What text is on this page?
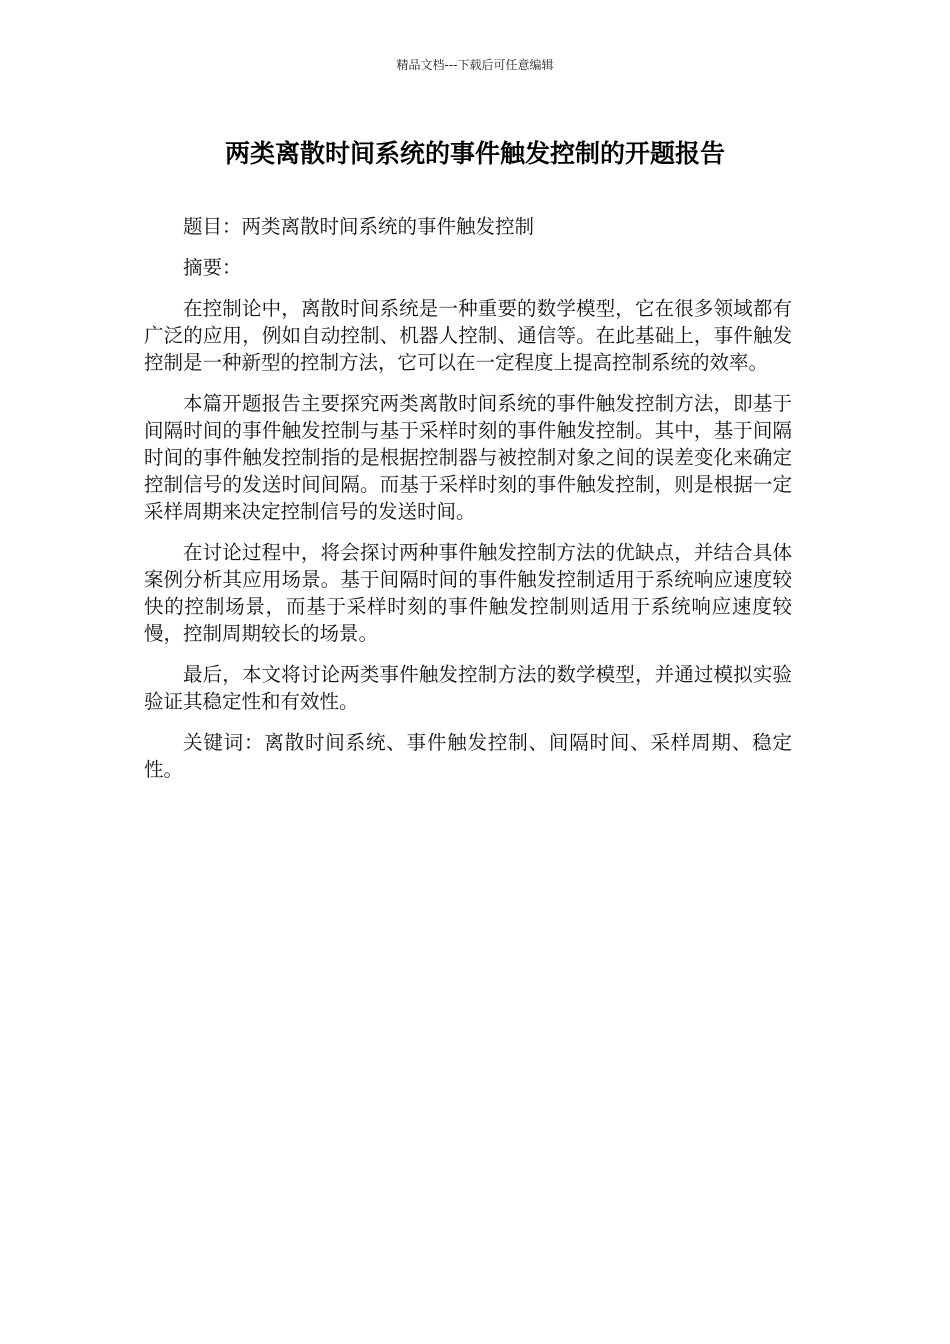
精品文档---下载后可任意编辑
两类离散时间系统的事件触发控制的开题报告

题目：两类离散时间系统的事件触发控制

摘要：

在控制论中，离散时间系统是一种重要的数学模型，它在很多领域都有广泛的应用，例如自动控制、机器人控制、通信等。在此基础上，事件触发控制是一种新型的控制方法，它可以在一定程度上提高控制系统的效率。

本篇开题报告主要探究两类离散时间系统的事件触发控制方法，即基于间隔时间的事件触发控制与基于采样时刻的事件触发控制。其中，基于间隔时间的事件触发控制指的是根据控制器与被控制对象之间的误差变化来确定控制信号的发送时间间隔。而基于采样时刻的事件触发控制，则是根据一定采样周期来决定控制信号的发送时间。

在讨论过程中，将会探讨两种事件触发控制方法的优缺点，并结合具体案例分析其应用场景。基于间隔时间的事件触发控制适用于系统响应速度较快的控制场景，而基于采样时刻的事件触发控制则适用于系统响应速度较慢，控制周期较长的场景。

最后，本文将讨论两类事件触发控制方法的数学模型，并通过模拟实验验证其稳定性和有效性。

关键词：离散时间系统、事件触发控制、间隔时间、采样周期、稳定性。
